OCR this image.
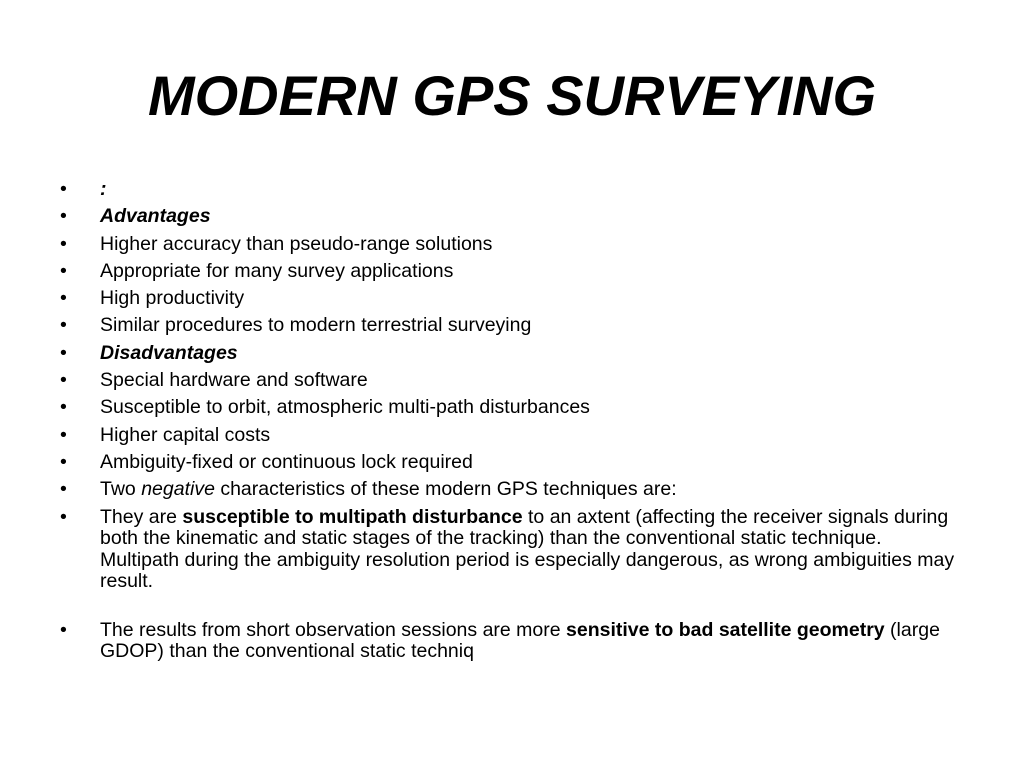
MODERN GPS SURVEYING
•	:
•	Advantages
•	Higher accuracy than pseudo-range solutions
•	Appropriate for many survey applications
•	High productivity
•	Similar procedures to modern terrestrial surveying
•	Disadvantages
•	Special hardware and software
•	Susceptible to orbit, atmospheric multi-path disturbances
•	Higher capital costs
•	Ambiguity-fixed or continuous lock required
•	Two negative characteristics of these modern GPS techniques are:
•	They are susceptible to multipath disturbance to an axtent (affecting the receiver signals during both the kinematic and static stages of the tracking) than the conventional static technique. Multipath during the ambiguity resolution period is especially dangerous, as wrong ambiguities may result.
•	The results from short observation sessions are more sensitive to bad satellite geometry (large GDOP) than the conventional static techniq
